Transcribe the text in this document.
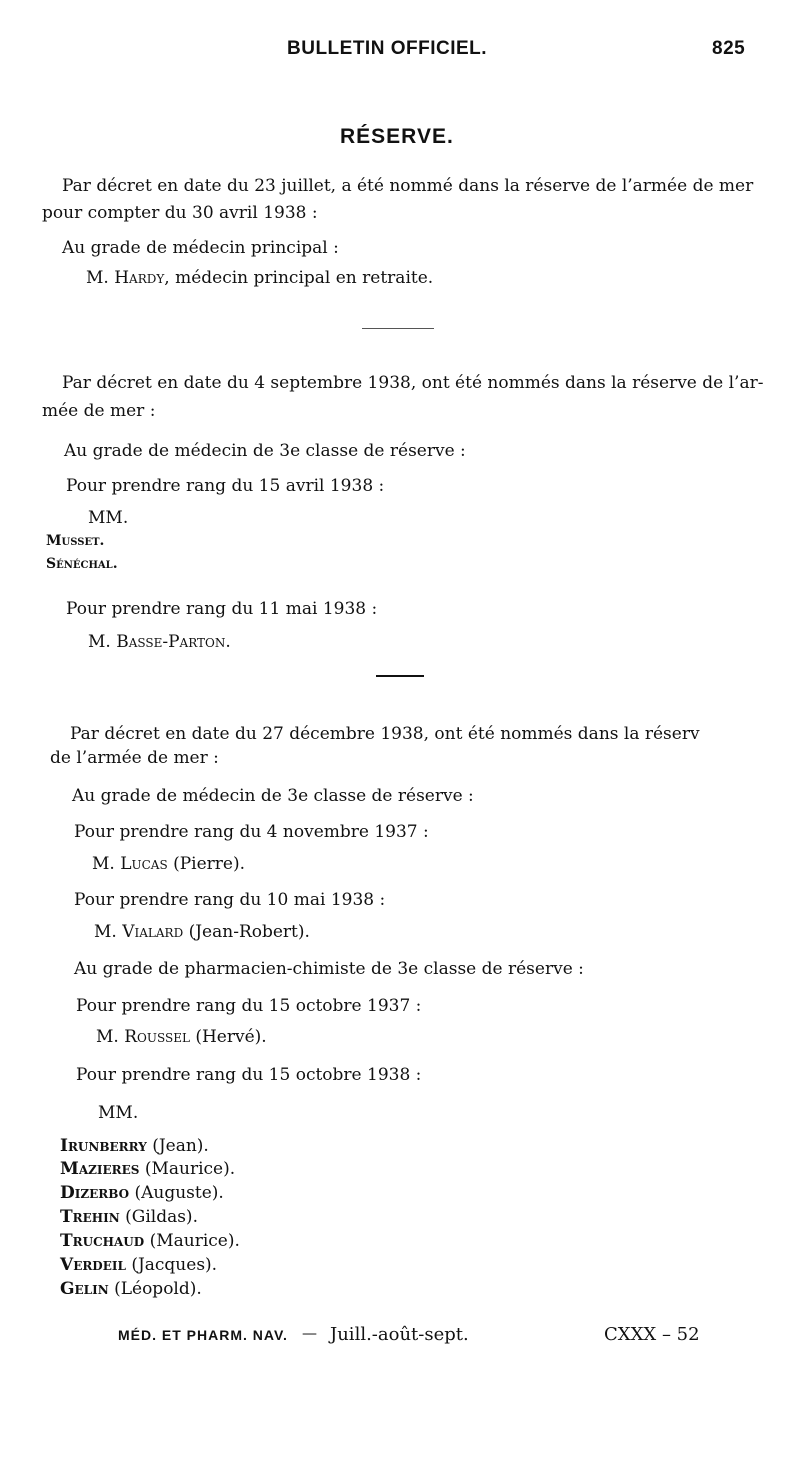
BULLETIN OFFICIEL.	825
RÉSERVE.
Par décret en date du 23 juillet, a été nommé dans la réserve de l’armée de mer
pour compter du 30 avril 1938 :
Au grade de médecin principal :
M. Hardy, médecin principal en retraite.
Par décret en date du 4 septembre 1938, ont été nommés dans la réserve de l’ar-
mée de mer :
Au grade de médecin de 3e classe de réserve :
Pour prendre rang du 15 avril 1938 :
MM.
Musset.
Sénéchal.
Pour prendre rang du 11 mai 1938 :
M. Basse-Parton.
Par décret en date du 27 décembre 1938, ont été nommés dans la réserv
de l’armée de mer :
Au grade de médecin de 3e classe de réserve :
Pour prendre rang du 4 novembre 1937 :
M. Lucas (Pierre).
Pour prendre rang du 10 mai 1938 :
M. Vialard (Jean-Robert).
Au grade de pharmacien-chimiste de 3e classe de réserve :
Pour prendre rang du 15 octobre 1937 :
M. Roussel (Hervé).
Pour prendre rang du 15 octobre 1938 :
MM.
Irunberry (Jean).
Mazieres (Maurice).
Dizerbo (Auguste).
Trehin (Gildas).
Truchaud (Maurice).
Verdeil (Jacques).
Gelin (Léopold).
MÉD. ET PHARM. NAV. — Juill.-août-sept.	CXXX – 52
